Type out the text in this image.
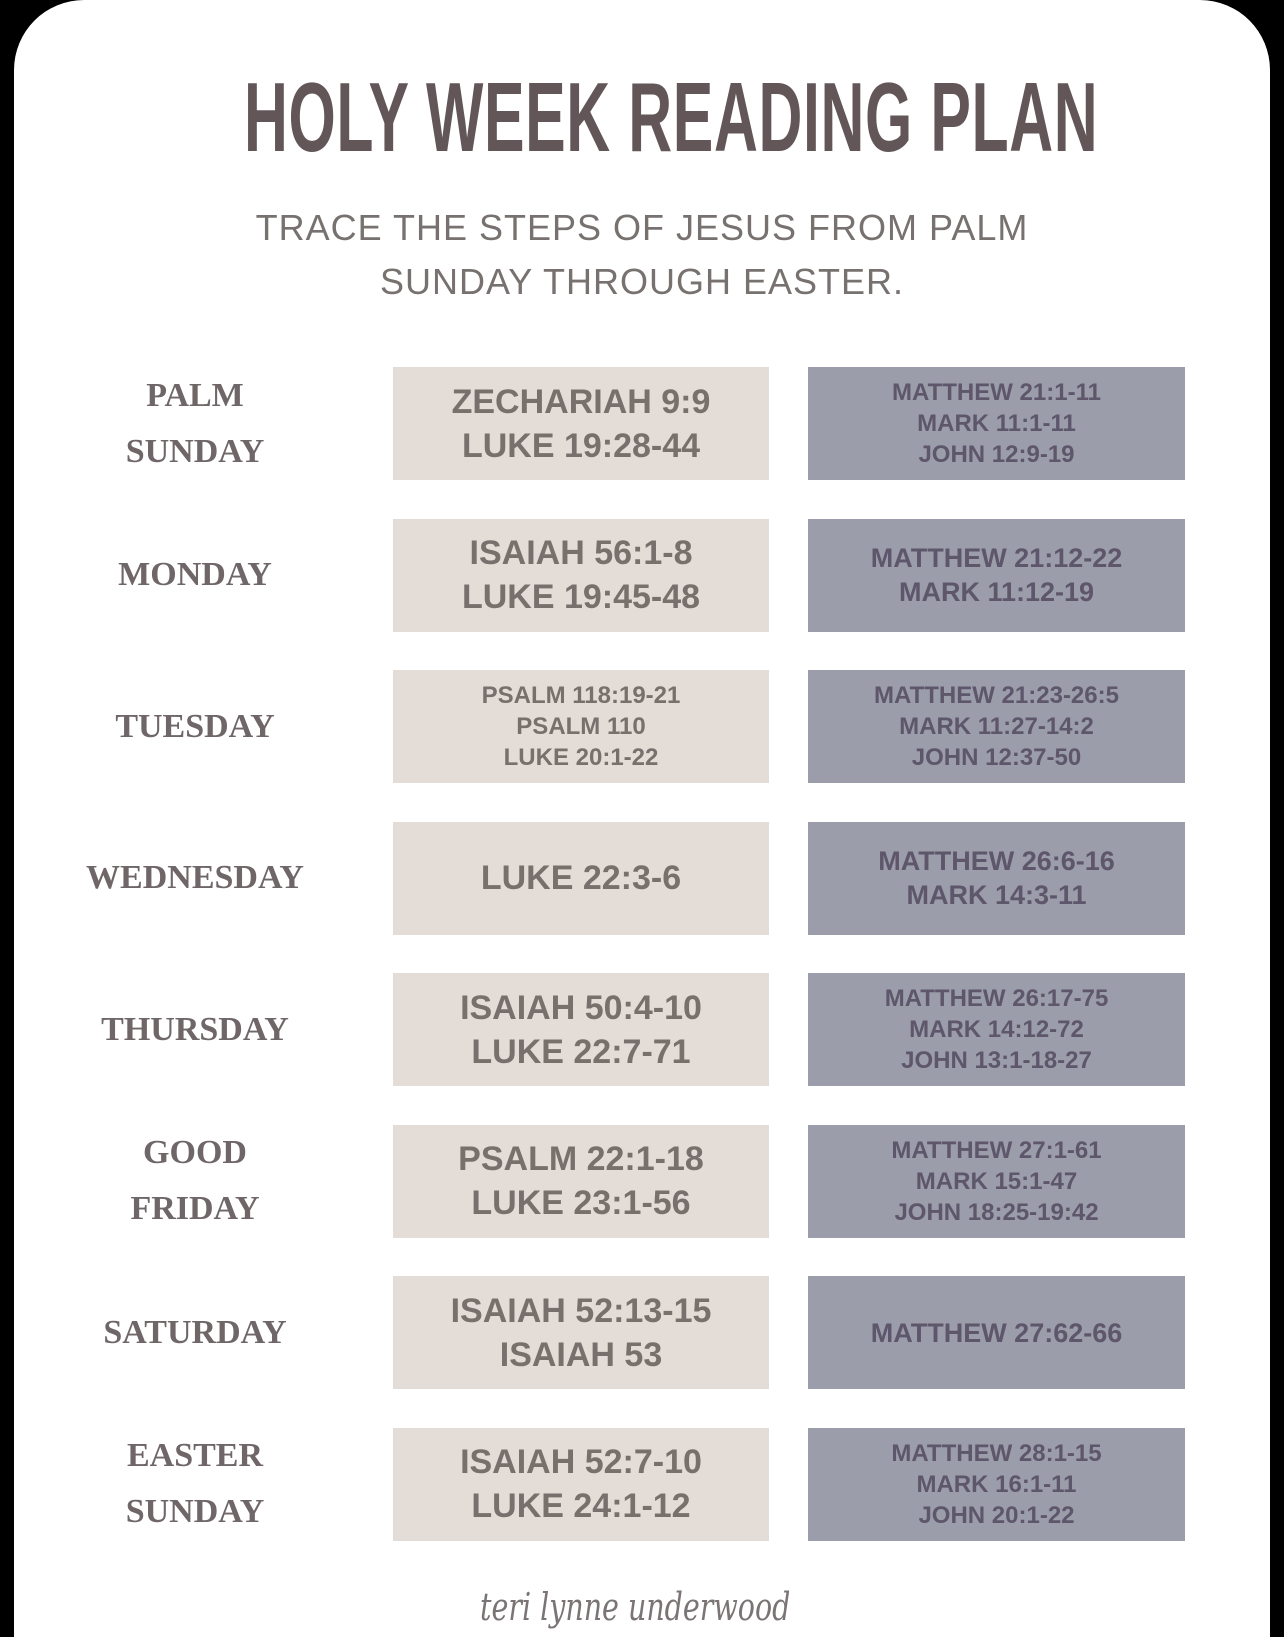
HOLY WEEK READING PLAN
TRACE THE STEPS OF JESUS FROM PALM
SUNDAY THROUGH EASTER.
PALM
SUNDAY
ZECHARIAH 9:9
LUKE 19:28-44
MATTHEW 21:1-11
MARK 11:1-11
JOHN 12:9-19
MONDAY
ISAIAH 56:1-8
LUKE 19:45-48
MATTHEW 21:12-22
MARK 11:12-19
TUESDAY
PSALM 118:19-21
PSALM 110
LUKE 20:1-22
MATTHEW 21:23-26:5
MARK 11:27-14:2
JOHN 12:37-50
WEDNESDAY	LUKE 22:3-6	MATTHEW 26:6-16
MARK 14:3-11
THURSDAY
ISAIAH 50:4-10
LUKE 22:7-71
MATTHEW 26:17-75
MARK 14:12-72
JOHN 13:1-18-27
GOOD
FRIDAY
PSALM 22:1-18
LUKE 23:1-56
MATTHEW 27:1-61
MARK 15:1-47
JOHN 18:25-19:42
SATURDAY
ISAIAH 52:13-15
ISAIAH 53
MATTHEW 27:62-66
EASTER
SUNDAY
ISAIAH 52:7-10
LUKE 24:1-12
MATTHEW 28:1-15
MARK 16:1-11
JOHN 20:1-22
teri lynne underwood
